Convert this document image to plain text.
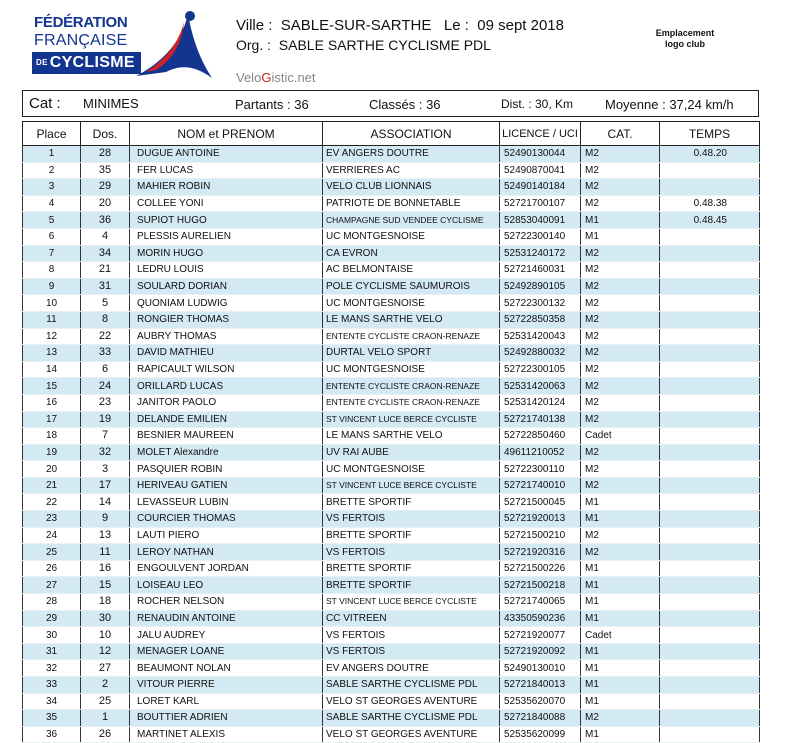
FÉDÉRATION
FRANÇAISE
DE CYCLISME
Ville : SABLE-SUR-SARTHE Le : 09 sept 2018
Org. : SABLE SARTHE CYCLISME PDL
VeloGistic.net
Emplacement
logo club
Cat : MINIMES	Partants : 36	Classés : 36	Dist. : 30, Km Moyenne : 37,24 km/h
Place	Dos.	NOM et PRENOM	ASSOCIATION	LICENCE / UCI	CAT.	TEMPS
1	28	DUGUE ANTOINE	EV ANGERS DOUTRE	52490130044	M2	0.48.20
2	35	FER LUCAS	VERRIERES AC	52490870041	M2	
3	29	MAHIER ROBIN	VELO CLUB LIONNAIS	52490140184	M2	
4	20	COLLEE YONI	PATRIOTE DE BONNETABLE	52721700107	M2	0.48.38
5	36	SUPIOT HUGO	CHAMPAGNE SUD VENDEE CYCLISME	52853040091	M1	0.48.45
6	4	PLESSIS AURELIEN	UC MONTGESNOISE	52722300140	M1	
7	34	MORIN HUGO	CA EVRON	52531240172	M2	
8	21	LEDRU LOUIS	AC BELMONTAISE	52721460031	M2	
9	31	SOULARD DORIAN	POLE CYCLISME SAUMUROIS	52492890105	M2	
10	5	QUONIAM LUDWIG	UC MONTGESNOISE	52722300132	M2	
11	8	RONGIER THOMAS	LE MANS SARTHE VELO	52722850358	M2	
12	22	AUBRY THOMAS	ENTENTE CYCLISTE CRAON-RENAZE	52531420043	M2	
13	33	DAVID MATHIEU	DURTAL VELO SPORT	52492880032	M2	
14	6	RAPICAULT WILSON	UC MONTGESNOISE	52722300105	M2	
15	24	ORILLARD LUCAS	ENTENTE CYCLISTE CRAON-RENAZE	52531420063	M2	
16	23	JANITOR PAOLO	ENTENTE CYCLISTE CRAON-RENAZE	52531420124	M2	
17	19	DELANDE EMILIEN	ST VINCENT LUCE BERCE CYCLISTE	52721740138	M2	
18	7	BESNIER MAUREEN	LE MANS SARTHE VELO	52722850460	Cadet	
19	32	MOLET Alexandre	UV RAI AUBE	49611210052	M2	
20	3	PASQUIER ROBIN	UC MONTGESNOISE	52722300110	M2	
21	17	HERIVEAU GATIEN	ST VINCENT LUCE BERCE CYCLISTE	52721740010	M2	
22	14	LEVASSEUR LUBIN	BRETTE SPORTIF	52721500045	M1	
23	9	COURCIER THOMAS	VS FERTOIS	52721920013	M1	
24	13	LAUTI PIERO	BRETTE SPORTIF	52721500210	M2	
25	11	LEROY NATHAN	VS FERTOIS	52721920316	M2	
26	16	ENGOULVENT JORDAN	BRETTE SPORTIF	52721500226	M1	
27	15	LOISEAU LEO	BRETTE SPORTIF	52721500218	M1	
28	18	ROCHER NELSON	ST VINCENT LUCE BERCE CYCLISTE	52721740065	M1	
29	30	RENAUDIN ANTOINE	CC VITREEN	43350590236	M1	
30	10	JALU AUDREY	VS FERTOIS	52721920077	Cadet	
31	12	MENAGER LOANE	VS FERTOIS	52721920092	M1	
32	27	BEAUMONT NOLAN	EV ANGERS DOUTRE	52490130010	M1	
33	2	VITOUR PIERRE	SABLE SARTHE CYCLISME PDL	52721840013	M1	
34	25	LORET KARL	VELO ST GEORGES AVENTURE	52535620070	M1	
35	1	BOUTTIER ADRIEN	SABLE SARTHE CYCLISME PDL	52721840088	M2	
36	26	MARTINET ALEXIS	VELO ST GEORGES AVENTURE	52535620099	M1	
